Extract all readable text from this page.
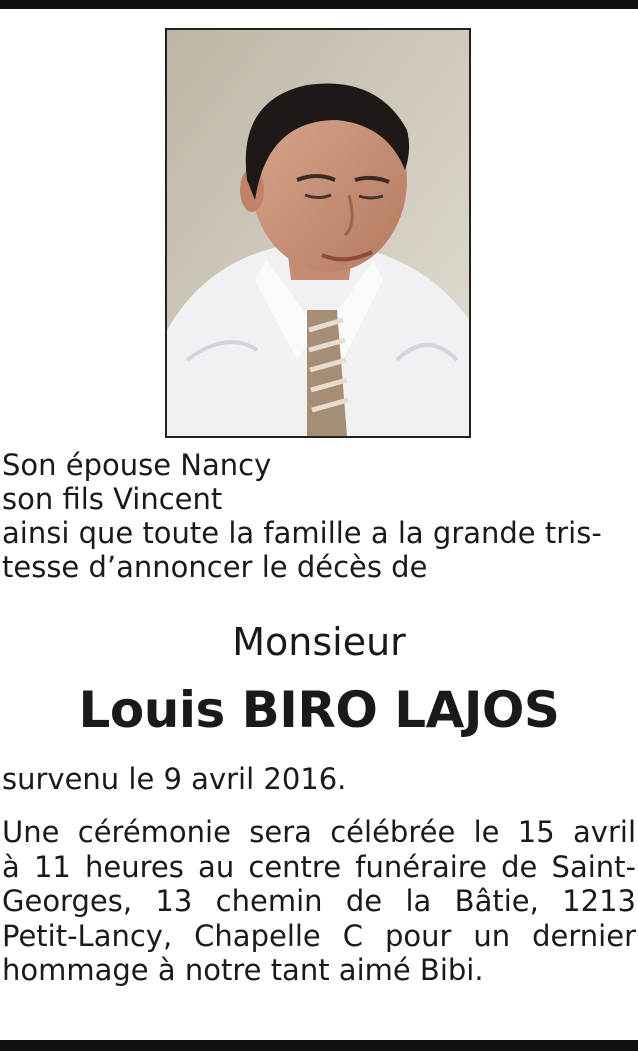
Son épouse Nancy
son fils Vincent
ainsi que toute la famille a la grande tris-
tesse d’annoncer le décès de
Monsieur
Louis BIRO LAJOS
survenu le 9 avril 2016.
Une cérémonie sera célébrée le 15 avril
à 11 heures au centre funéraire de Saint-
Georges, 13 chemin de la Bâtie, 1213
Petit-Lancy, Chapelle C pour un dernier
hommage à notre tant aimé Bibi.
